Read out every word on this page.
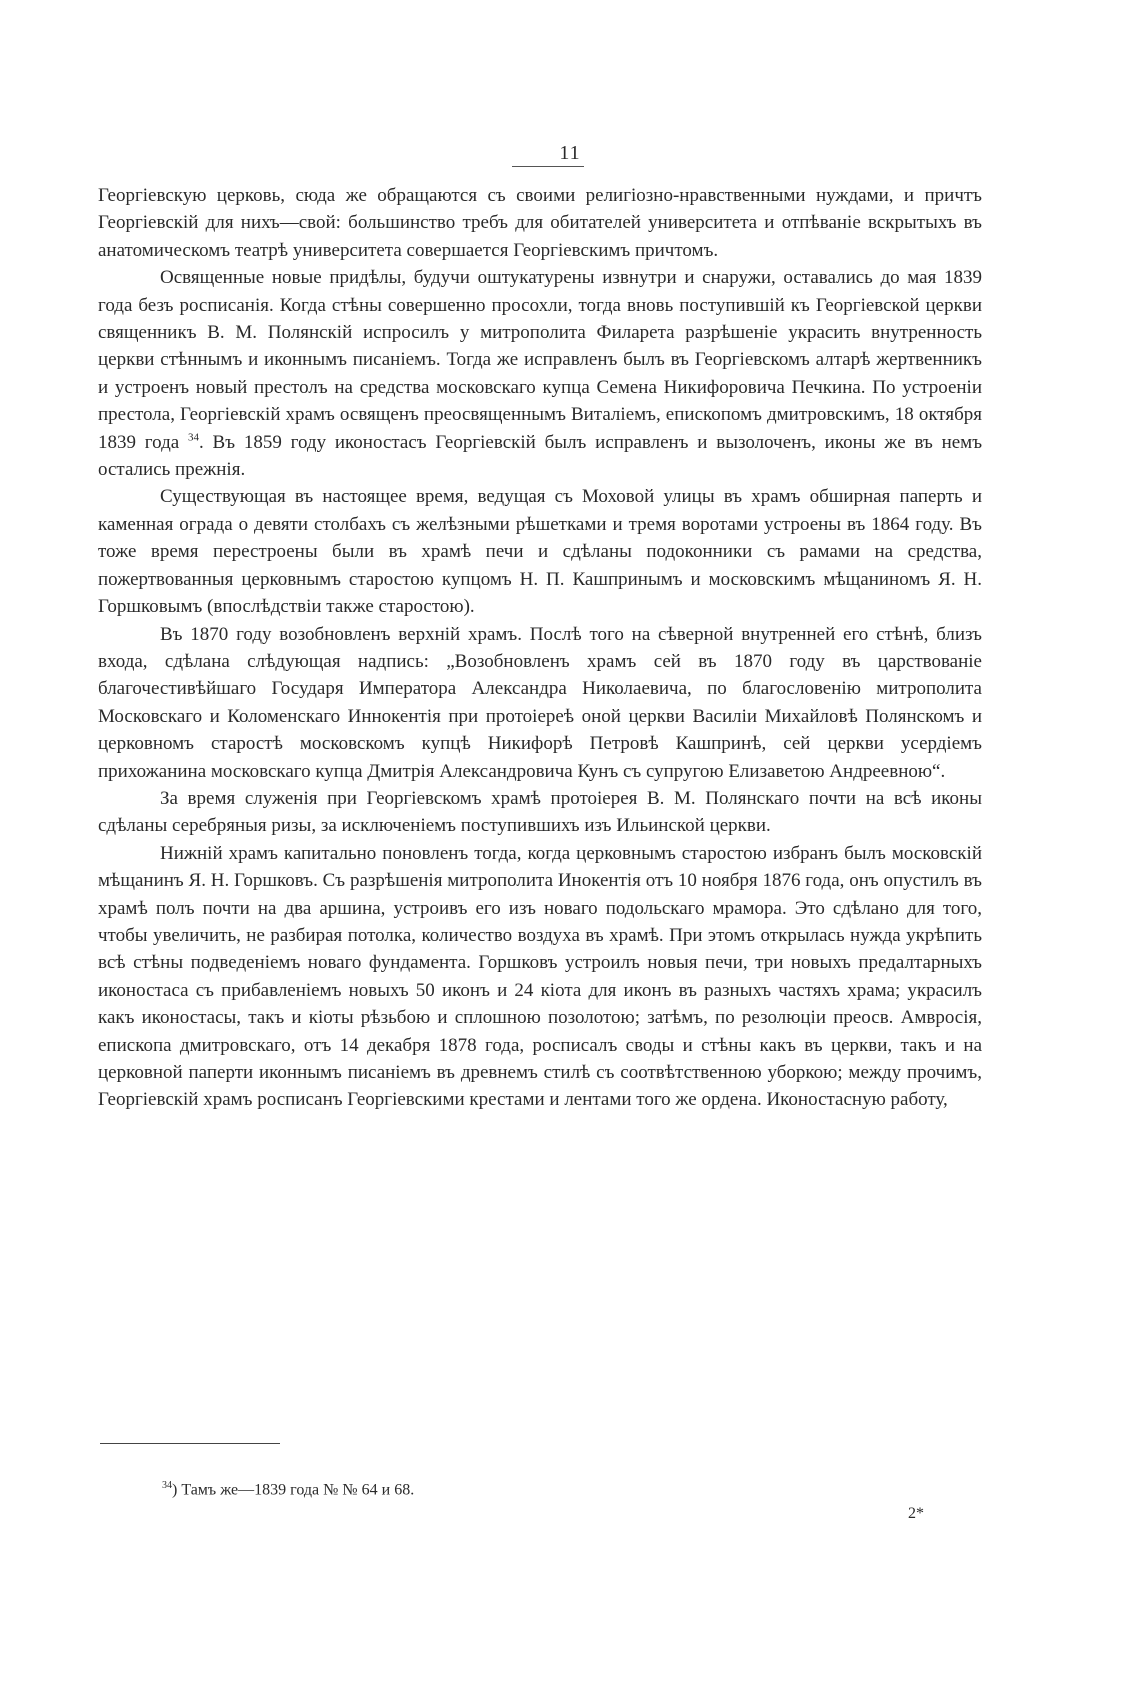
11

Георгіевскую церковь, сюда же обращаются съ своими религіозно-нравственными нуждами, и причтъ Георгіевскій для нихъ—свой: большинство требъ для обитателей университета и отпѣваніе вскрытыхъ въ анатомическомъ театрѣ университета совершается Георгіевскимъ причтомъ.

Освященные новые придѣлы, будучи оштукатурены извнутри и снаружи, оставались до мая 1839 года безъ росписанія. Когда стѣны совершенно просохли, тогда вновь поступившій къ Георгіевской церкви священникъ В. М. Полянскій испросилъ у митрополита Филарета разрѣшеніе украсить внутренность церкви стѣннымъ и иконнымъ писаніемъ. Тогда же исправленъ былъ въ Георгіевскомъ алтарѣ жертвенникъ и устроенъ новый престолъ на средства московскаго купца Семена Никифоровича Печкина. По устроеніи престола, Георгіевскій храмъ освященъ преосвященнымъ Виталіемъ, епископомъ дмитровскимъ, 18 октября 1839 года $^{34}$. Въ 1859 году иконостасъ Георгіевскій былъ исправленъ и вызолоченъ, иконы же въ немъ остались прежнія.

Существующая въ настоящее время, ведущая съ Моховой улицы въ храмъ обширная паперть и каменная ограда о девяти столбахъ съ желѣзными рѣшетками и тремя воротами устроены въ 1864 году. Въ тоже время перестроены были въ храмѣ печи и сдѣланы подоконники съ рамами на средства, пожертвованныя церковнымъ старостою купцомъ Н. П. Кашпринымъ и московскимъ мѣщаниномъ Я. Н. Горшковымъ (впослѣдствіи также старостою).

Въ 1870 году возобновленъ верхній храмъ. Послѣ того на сѣверной внутренней его стѣнѣ, близъ входа, сдѣлана слѣдующая надпись: „Возобновленъ храмъ сей въ 1870 году въ царствованіе благочестивѣйшаго Государя Императора Александра Николаевича, по благословенію митрополита Московскаго и Коломенскаго Иннокентія при протоіереѣ оной церкви Василіи Михайловѣ Полянскомъ и церковномъ старостѣ московскомъ купцѣ Никифорѣ Петровѣ Кашпринѣ, сей церкви усердіемъ прихожанина московскаго купца Дмитрія Александровича Кунъ съ супругою Елизаветою Андреевною“.

За время служенія при Георгіевскомъ храмѣ протоіерея В. М. Полянскаго почти на всѣ иконы сдѣланы серебряныя ризы, за исключеніемъ поступившихъ изъ Ильинской церкви.

Нижній храмъ капитально поновленъ тогда, когда церковнымъ старостою избранъ былъ московскій мѣщанинъ Я. Н. Горшковъ. Съ разрѣшенія митрополита Инокентія отъ 10 ноября 1876 года, онъ опустилъ въ храмѣ полъ почти на два аршина, устроивъ его изъ новаго подольскаго мрамора. Это сдѣлано для того, чтобы увеличить, не разбирая потолка, количество воздуха въ храмѣ. При этомъ открылась нужда укрѣпить всѣ стѣны подведеніемъ новаго фундамента. Горшковъ устроилъ новыя печи, три новыхъ предалтарныхъ иконостаса съ прибавленіемъ новыхъ 50 иконъ и 24 кіота для иконъ въ разныхъ частяхъ храма; украсилъ какъ иконостасы, такъ и кіоты рѣзьбою и сплошною позолотою; затѣмъ, по резолюціи преосв. Амвросія, епископа дмитровскаго, отъ 14 декабря 1878 года, росписалъ своды и стѣны какъ въ церкви, такъ и на церковной паперти иконнымъ писаніемъ въ древнемъ стилѣ съ соотвѣтственною уборкою; между прочимъ, Георгіевскій храмъ росписанъ Георгіевскими крестами и лентами того же ордена. Иконостасную работу,

$^{34}$) Тамъ же—1839 года № № 64 и 68.
2*
